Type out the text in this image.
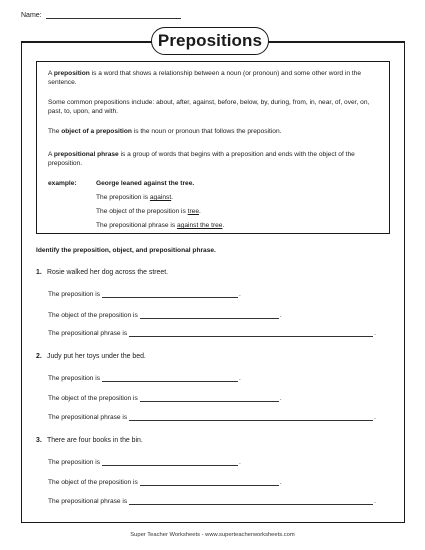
Name:
Prepositions
A preposition is a word that shows a relationship between a noun (or pronoun) and some other word in the sentence.
Some common prepositions include: about, after, against, before, below, by, during, from, in, near, of, over, on, past, to, upon, and with.
The object of a preposition is the noun or pronoun that follows the preposition.
A prepositional phrase is a group of words that begins with a preposition and ends with the object of the preposition.
example:	George leaned against the tree.
The preposition is against.
The object of the preposition is tree.
The prepositional phrase is against the tree.
Identify the preposition, object, and prepositional phrase.
1. Rosie walked her dog across the street.
The preposition is	.
The object of the preposition is	.
The prepositional phrase is	.
2. Judy put her toys under the bed.
The preposition is	.
The object of the preposition is	.
The prepositional phrase is	.
3. There are four books in the bin.
The preposition is	.
The object of the preposition is	.
The prepositional phrase is	.
Super Teacher Worksheets - www.superteacherworksheets.com
